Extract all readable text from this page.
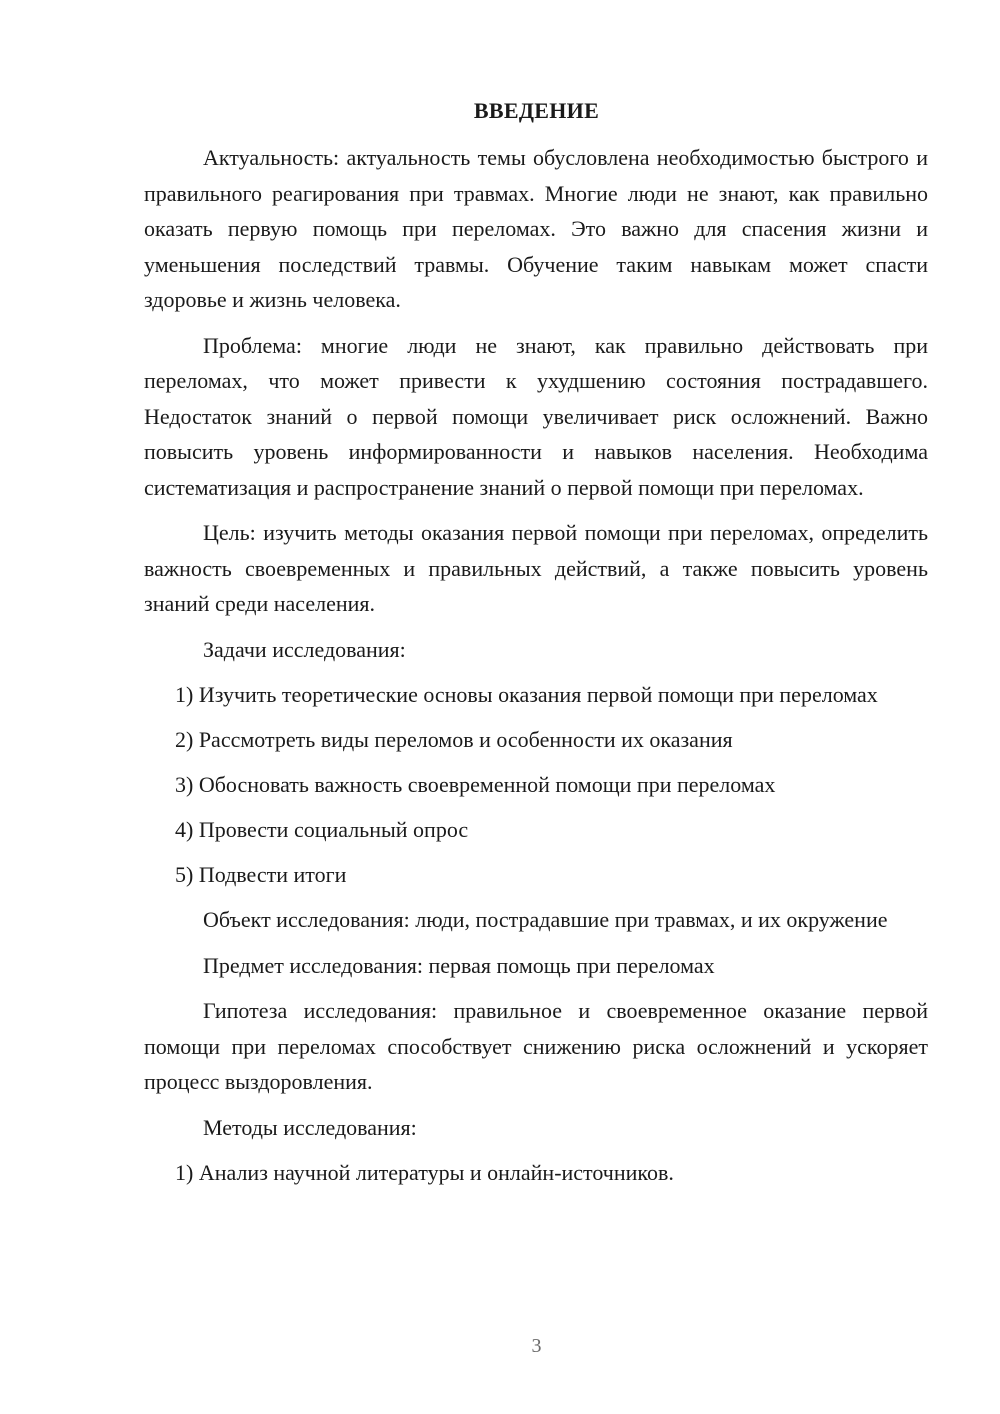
ВВЕДЕНИЕ

Актуальность: актуальность темы обусловлена необходимостью быстрого и правильного реагирования при травмах. Многие люди не знают, как правильно оказать первую помощь при переломах. Это важно для спасения жизни и уменьшения последствий травмы. Обучение таким навыкам может спасти здоровье и жизнь человека.

Проблема: многие люди не знают, как правильно действовать при переломах, что может привести к ухудшению состояния пострадавшего. Недостаток знаний о первой помощи увеличивает риск осложнений. Важно повысить уровень информированности и навыков населения. Необходима систематизация и распространение знаний о первой помощи при переломах.

Цель: изучить методы оказания первой помощи при переломах, определить важность своевременных и правильных действий, а также повысить уровень знаний среди населения.

Задачи исследования:

1) Изучить теоретические основы оказания первой помощи при переломах

2) Рассмотреть виды переломов и особенности их оказания

3) Обосновать важность своевременной помощи при переломах

4) Провести социальный опрос

5) Подвести итоги

Объект исследования: люди, пострадавшие при травмах, и их окружение

Предмет исследования: первая помощь при переломах

Гипотеза исследования: правильное и своевременное оказание первой помощи при переломах способствует снижению риска осложнений и ускоряет процесс выздоровления.

Методы исследования:

1) Анализ научной литературы и онлайн-источников.

3
